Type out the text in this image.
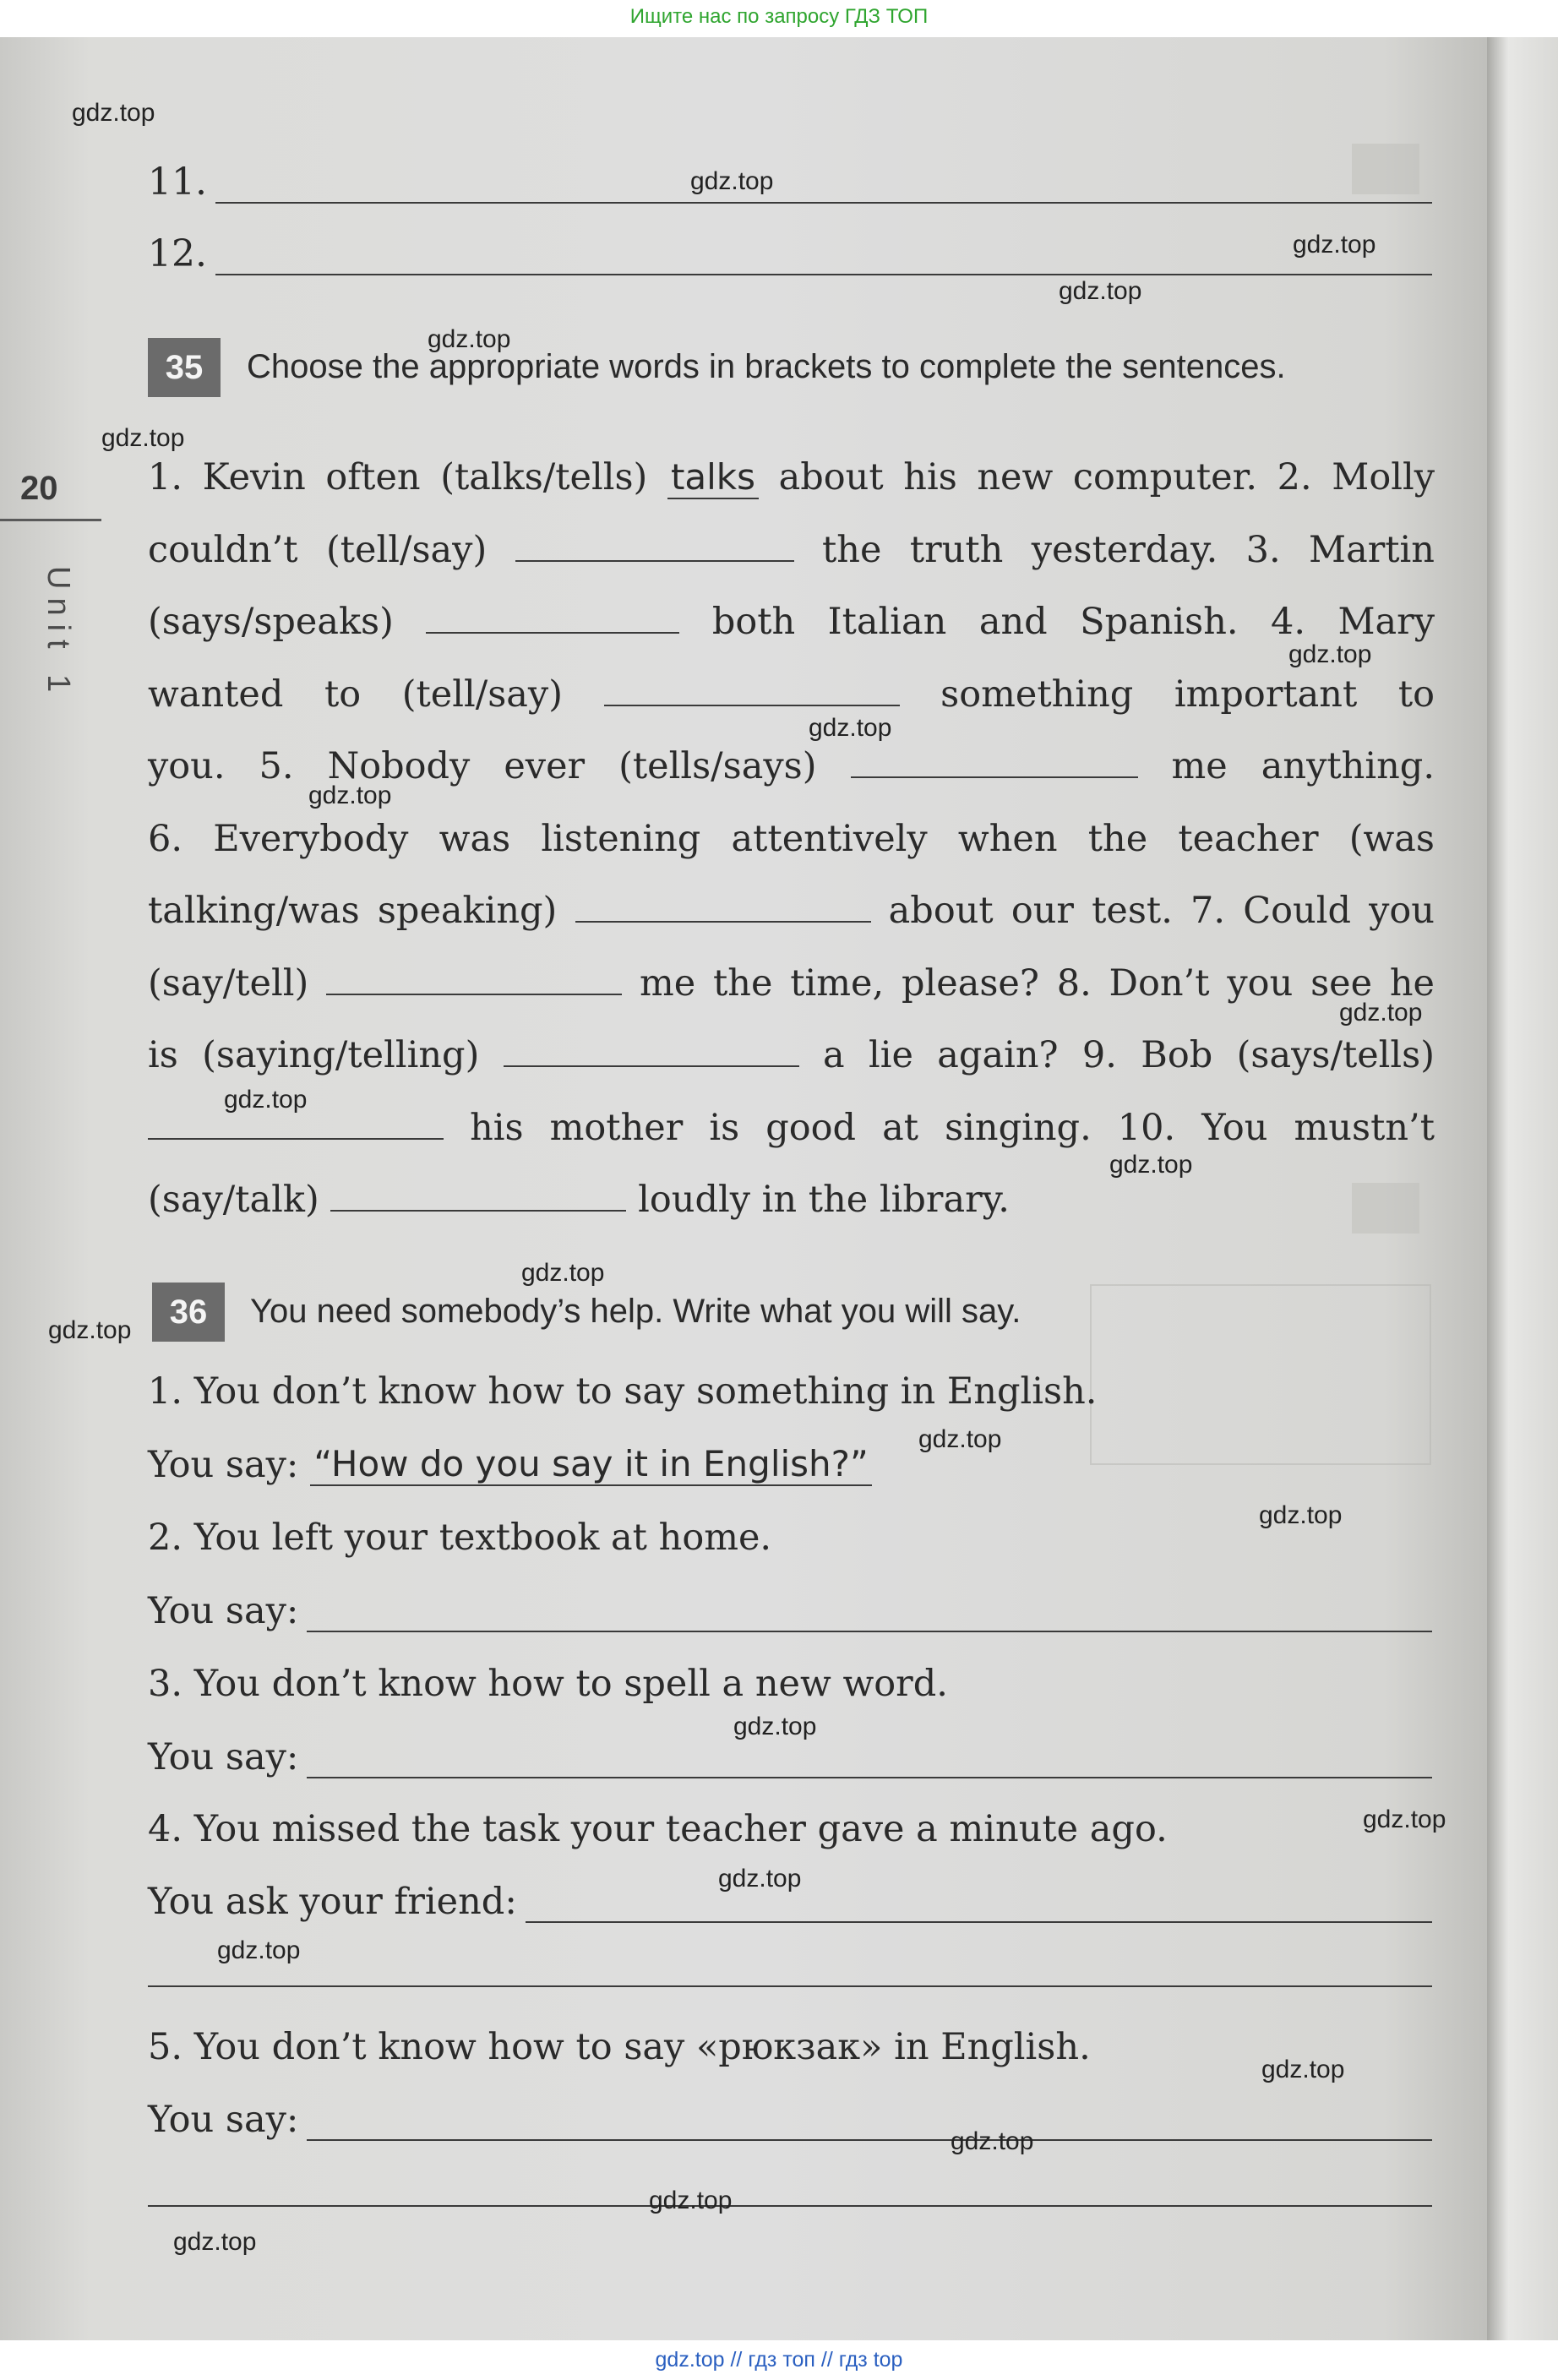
Ищите нас по запросу ГДЗ ТОП
20
Unit 1
11.
12.
35	Choose the appropriate words in brackets to complete the sentences.
1. Kevin often (talks/tells) talks about his new computer. 2. Molly
couldn’t (tell/say)	the truth yesterday. 3. Martin
(says/speaks)	both Italian and Spanish. 4. Mary
wanted to (tell/say)	something important to
you. 5. Nobody ever (tells/says)	me anything.
6. Everybody was listening attentively when the teacher (was
talking/was speaking)	about our test. 7. Could you
(say/tell)	me the time, please? 8. Don’t you see he
is (saying/telling)	a lie again? 9. Bob (says/tells)
his mother is good at singing. 10. You mustn’t
(say/talk)	loudly in the library.
36	You need somebody’s help. Write what you will say.
1. You don’t know how to say something in English.
You say: “How do you say it in English?”
2. You left your textbook at home.
You say:
3. You don’t know how to spell a new word.
You say:
4. You missed the task your teacher gave a minute ago.
You ask your friend:
5. You don’t know how to say «рюкзак» in English.
You say:
gdz.top
gdz.top
gdz.top
gdz.top
gdz.top
gdz.top
gdz.top
gdz.top
gdz.top
gdz.top
gdz.top
gdz.top
gdz.top
gdz.top
gdz.top
gdz.top
gdz.top
gdz.top
gdz.top
gdz.top
gdz.top
gdz.top
gdz.top
gdz.top
gdz.top // гдз топ // гдз top
